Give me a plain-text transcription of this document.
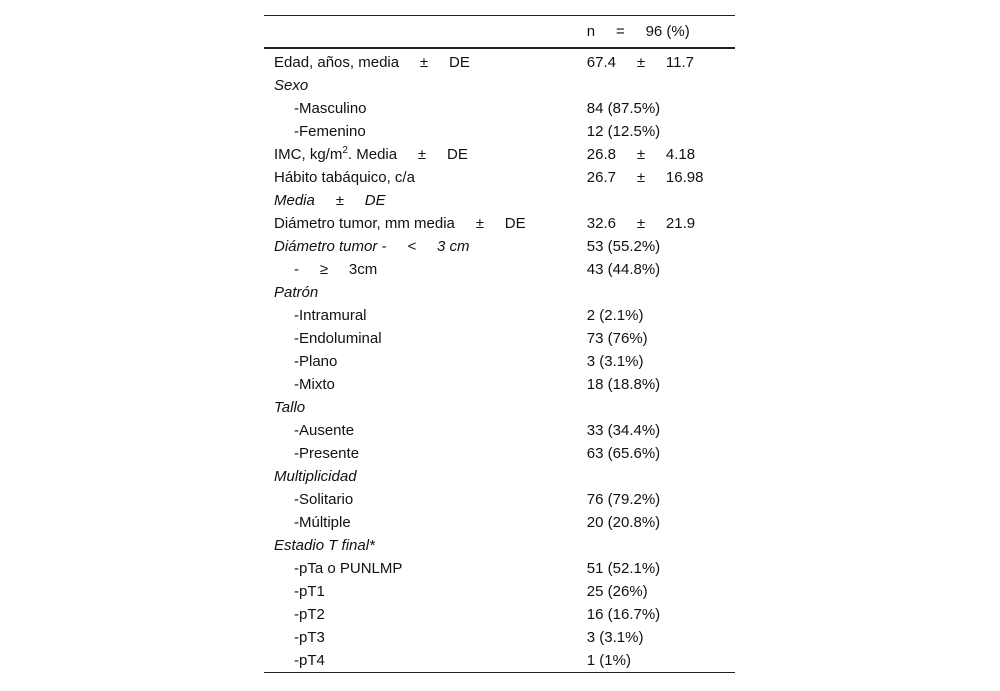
	n     =     96 (%)
Edad, años, media     ±     DE	67.4     ±     11.7
Sexo	
-Masculino	84 (87.5%)
-Femenino	12 (12.5%)
IMC, $kg/m^2$. Media     ±     DE	26.8     ±     4.18
Hábito tabáquico, c/a	26.7     ±     16.98
Media     ±     DE	
Diámetro tumor, mm media     ±     DE	32.6     ±     21.9
Diámetro tumor -     <     3 cm	53 (55.2%)
-     ≥     3cm	43 (44.8%)
Patrón	
-Intramural	2 (2.1%)
-Endoluminal	73 (76%)
-Plano	3 (3.1%)
-Mixto	18 (18.8%)
Tallo	
-Ausente	33 (34.4%)
-Presente	63 (65.6%)
Multiplicidad	
-Solitario	76 (79.2%)
-Múltiple	20 (20.8%)
Estadio T final*	
-pTa o PUNLMP	51 (52.1%)
-pT1	25 (26%)
-pT2	16 (16.7%)
-pT3	3 (3.1%)
-pT4	1 (1%)
